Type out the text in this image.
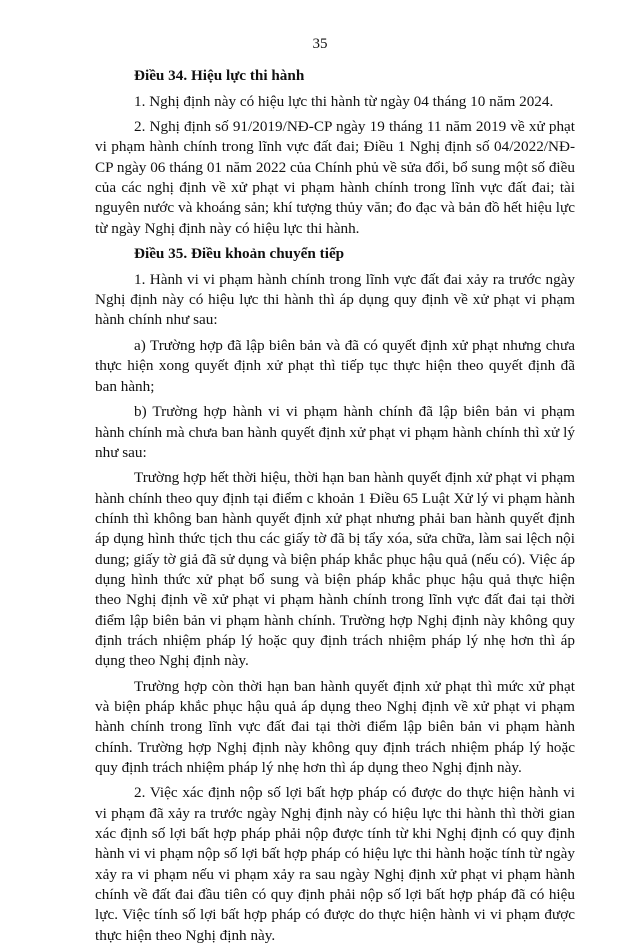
35
Điều 34. Hiệu lực thi hành

1. Nghị định này có hiệu lực thi hành từ ngày 04 tháng 10 năm 2024.

2. Nghị định số 91/2019/NĐ-CP ngày 19 tháng 11 năm 2019 về xử phạt vi phạm hành chính trong lĩnh vực đất đai; Điều 1 Nghị định số 04/2022/NĐ-CP ngày 06 tháng 01 năm 2022 của Chính phủ về sửa đổi, bổ sung một số điều của các nghị định về xử phạt vi phạm hành chính trong lĩnh vực đất đai; tài nguyên nước và khoáng sản; khí tượng thủy văn; đo đạc và bản đồ hết hiệu lực từ ngày Nghị định này có hiệu lực thi hành.

Điều 35. Điều khoản chuyển tiếp

1. Hành vi vi phạm hành chính trong lĩnh vực đất đai xảy ra trước ngày Nghị định này có hiệu lực thi hành thì áp dụng quy định về xử phạt vi phạm hành chính như sau:

a) Trường hợp đã lập biên bản và đã có quyết định xử phạt nhưng chưa thực hiện xong quyết định xử phạt thì tiếp tục thực hiện theo quyết định đã ban hành;

b) Trường hợp hành vi vi phạm hành chính đã lập biên bản vi phạm hành chính mà chưa ban hành quyết định xử phạt vi phạm hành chính thì xử lý như sau:

Trường hợp hết thời hiệu, thời hạn ban hành quyết định xử phạt vi phạm hành chính theo quy định tại điểm c khoản 1 Điều 65 Luật Xử lý vi phạm hành chính thì không ban hành quyết định xử phạt nhưng phải ban hành quyết định áp dụng hình thức tịch thu các giấy tờ đã bị tẩy xóa, sửa chữa, làm sai lệch nội dung; giấy tờ giả đã sử dụng và biện pháp khắc phục hậu quả (nếu có). Việc áp dụng hình thức xử phạt bổ sung và biện pháp khắc phục hậu quả thực hiện theo Nghị định về xử phạt vi phạm hành chính trong lĩnh vực đất đai tại thời điểm lập biên bản vi phạm hành chính. Trường hợp Nghị định này không quy định trách nhiệm pháp lý hoặc quy định trách nhiệm pháp lý nhẹ hơn thì áp dụng theo Nghị định này.

Trường hợp còn thời hạn ban hành quyết định xử phạt thì mức xử phạt và biện pháp khắc phục hậu quả áp dụng theo Nghị định về xử phạt vi phạm hành chính trong lĩnh vực đất đai tại thời điểm lập biên bản vi phạm hành chính. Trường hợp Nghị định này không quy định trách nhiệm pháp lý hoặc quy định trách nhiệm pháp lý nhẹ hơn thì áp dụng theo Nghị định này.

2. Việc xác định nộp số lợi bất hợp pháp có được do thực hiện hành vi vi phạm đã xảy ra trước ngày Nghị định này có hiệu lực thi hành thì thời gian xác định số lợi bất hợp pháp phải nộp được tính từ khi Nghị định có quy định hành vi vi phạm nộp số lợi bất hợp pháp có hiệu lực thi hành hoặc tính từ ngày xảy ra vi phạm nếu vi phạm xảy ra sau ngày Nghị định xử phạt vi phạm hành chính về đất đai đầu tiên có quy định phải nộp số lợi bất hợp pháp đã có hiệu lực. Việc tính số lợi bất hợp pháp có được do thực hiện hành vi vi phạm được thực hiện theo Nghị định này.
